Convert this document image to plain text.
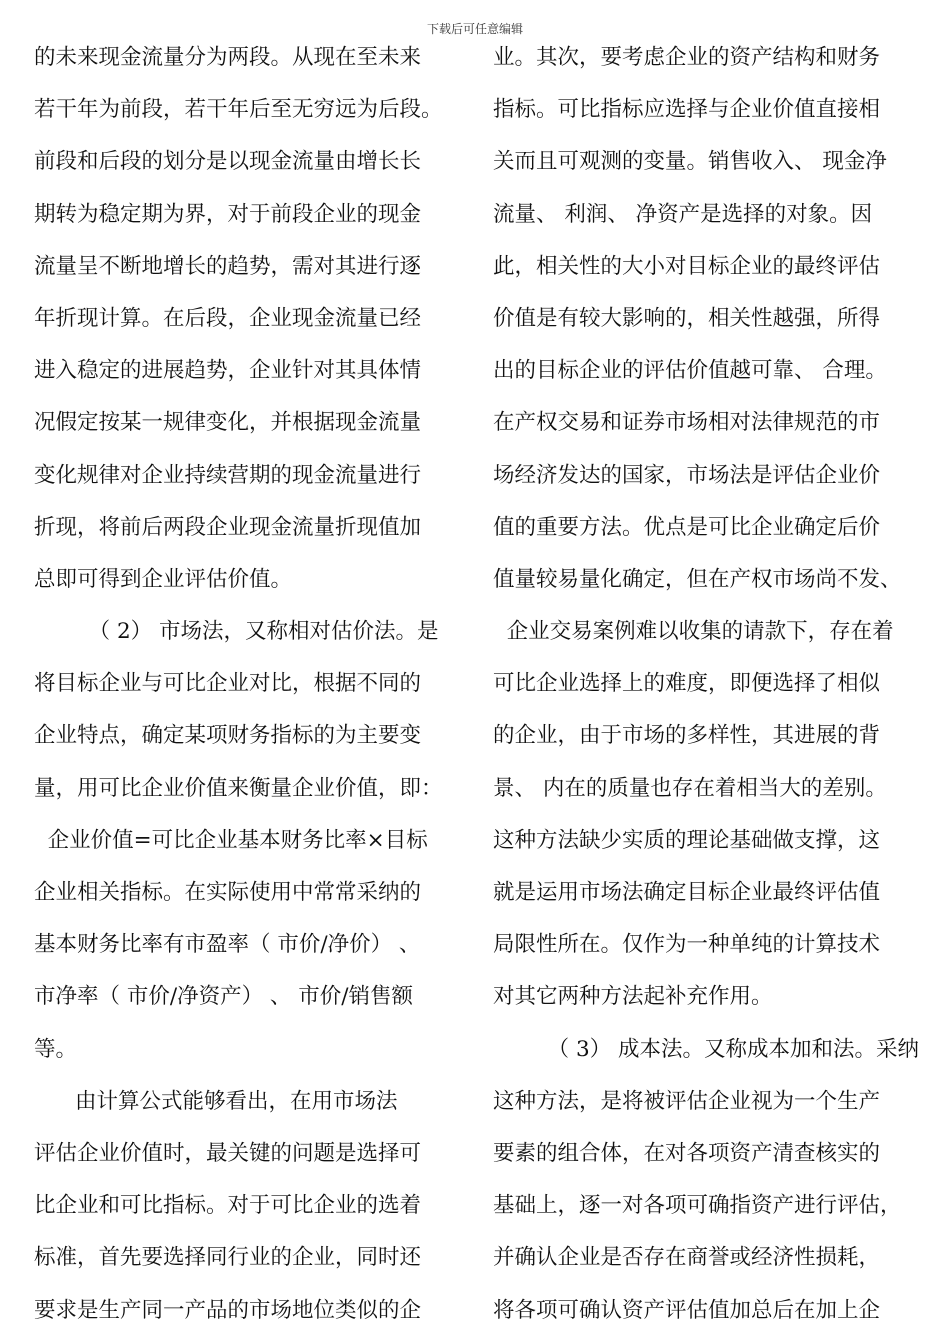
下载后可任意编辑
的未来现金流量分为两段。从现在至未来
若干年为前段，若干年后至无穷远为后段。
前段和后段的划分是以现金流量由增长长
期转为稳定期为界，对于前段企业的现金
流量呈不断地增长的趋势，需对其进行逐
年折现计算。在后段，企业现金流量已经
进入稳定的进展趋势，企业针对其具体情
况假定按某一规律变化，并根据现金流量
变化规律对企业持续营期的现金流量进行
折现，将前后两段企业现金流量折现值加
总即可得到企业评估价值。
（ 2） 市场法，又称相对估价法。是
将目标企业与可比企业对比，根据不同的
企业特点，确定某项财务指标的为主要变
量，用可比企业价值来衡量企业价值，即：
企业价值=可比企业基本财务比率×目标
企业相关指标。在实际使用中常常采纳的
基本财务比率有市盈率（ 市价/净价） 、
市净率（ 市价/净资产） 、 市价/销售额
等。
由计算公式能够看出，在用市场法
评估企业价值时，最关键的问题是选择可
比企业和可比指标。对于可比企业的选着
标准，首先要选择同行业的企业，同时还
要求是生产同一产品的市场地位类似的企
业。其次，要考虑企业的资产结构和财务
指标。可比指标应选择与企业价值直接相
关而且可观测的变量。销售收入、 现金净
流量、 利润、 净资产是选择的对象。因
此，相关性的大小对目标企业的最终评估
价值是有较大影响的，相关性越强，所得
出的目标企业的评估价值越可靠、 合理。
在产权交易和证券市场相对法律规范的市
场经济发达的国家，市场法是评估企业价
值的重要方法。优点是可比企业确定后价
值量较易量化确定，但在产权市场尚不发、
企业交易案例难以收集的请款下，存在着
可比企业选择上的难度，即便选择了相似
的企业，由于市场的多样性，其进展的背
景、 内在的质量也存在着相当大的差别。
这种方法缺少实质的理论基础做支撑，这
就是运用市场法确定目标企业最终评估值
局限性所在。仅作为一种单纯的计算技术
对其它两种方法起补充作用。
（ 3） 成本法。又称成本加和法。采纳
这种方法，是将被评估企业视为一个生产
要素的组合体，在对各项资产清查核实的
基础上，逐一对各项可确指资产进行评估，
并确认企业是否存在商誉或经济性损耗，
将各项可确认资产评估值加总后在加上企
